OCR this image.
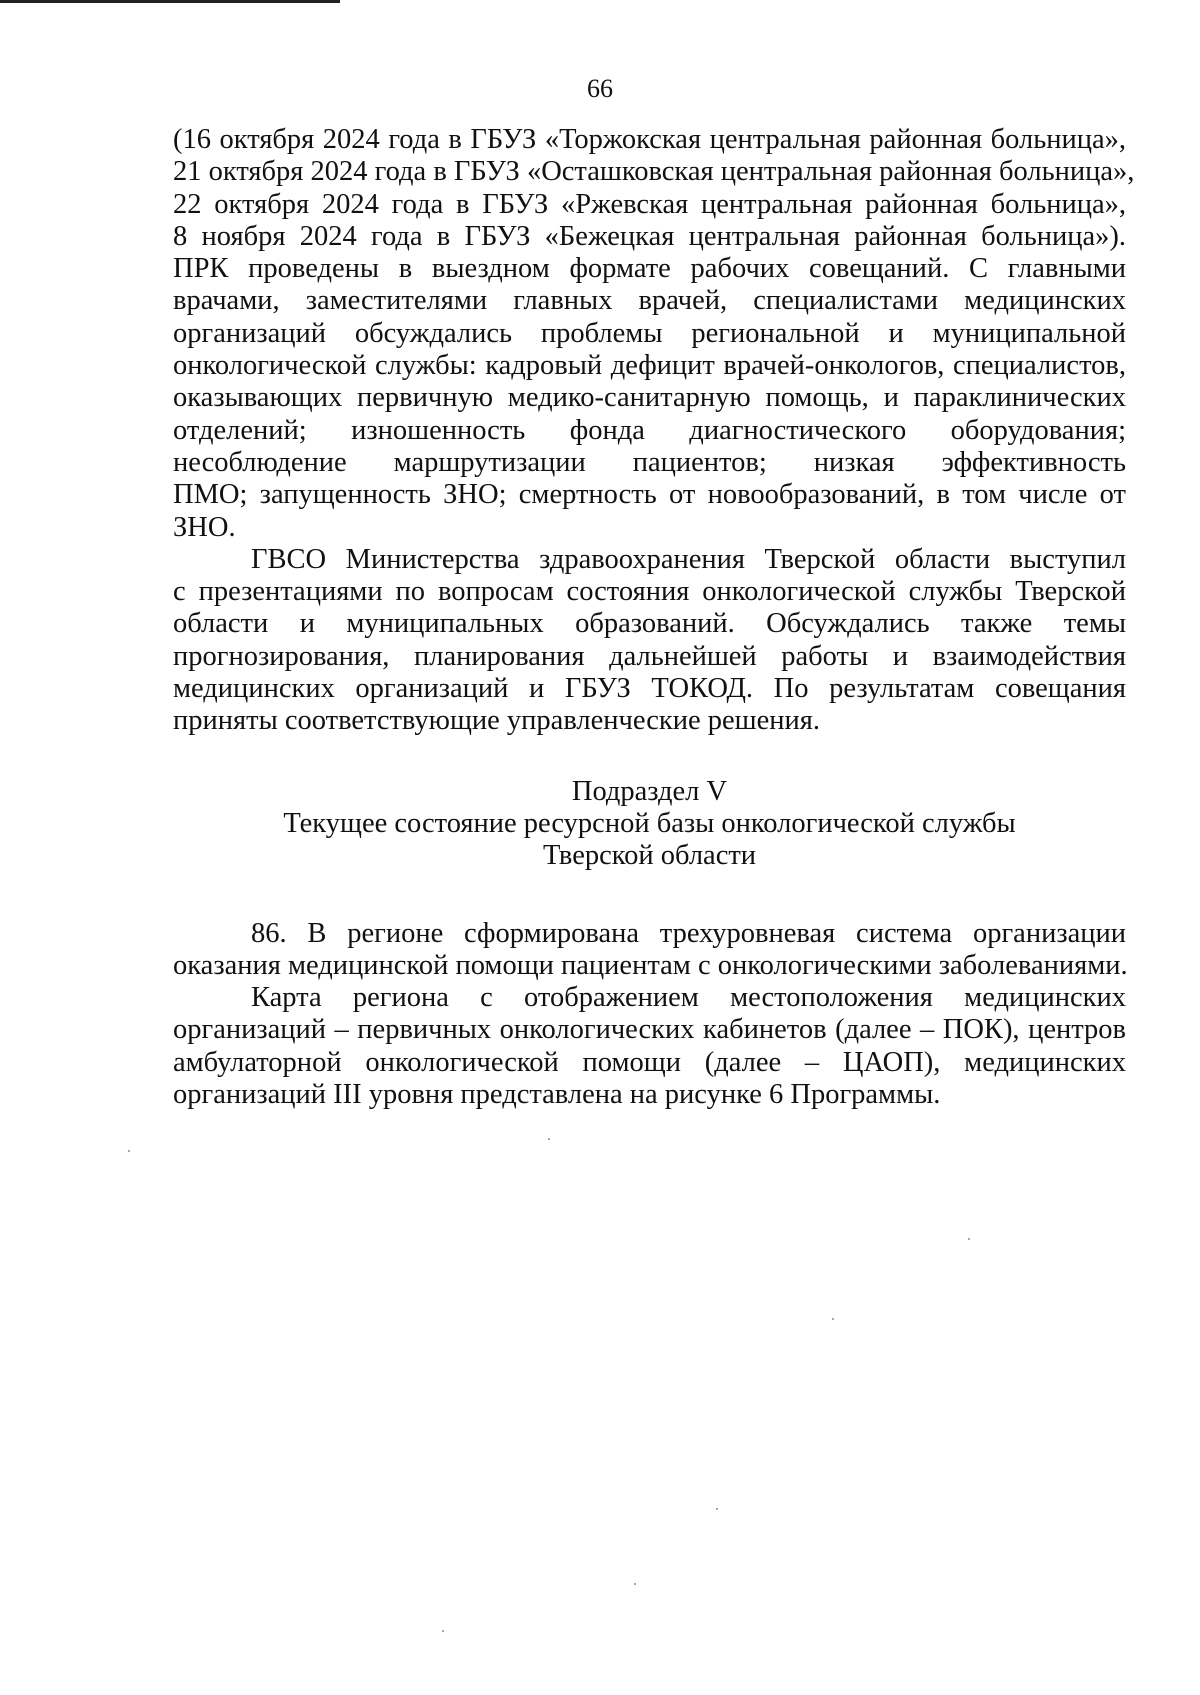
66

(16 октября 2024 года в ГБУЗ «Торжокская центральная районная больница»,
21 октября 2024 года в ГБУЗ «Осташковская центральная районная больница»,
22 октября 2024 года в ГБУЗ «Ржевская центральная районная больница»,
8 ноября 2024 года в ГБУЗ «Бежецкая центральная районная больница»).
ПРК проведены в выездном формате рабочих совещаний. С главными
врачами, заместителями главных врачей, специалистами медицинских
организаций обсуждались проблемы региональной и муниципальной
онкологической службы: кадровый дефицит врачей-онкологов, специалистов,
оказывающих первичную медико-санитарную помощь, и параклинических
отделений; изношенность фонда диагностического оборудования;
несоблюдение маршрутизации пациентов; низкая эффективность
ПМО; запущенность ЗНО; смертность от новообразований, в том числе от
ЗНО.

ГВСО Министерства здравоохранения Тверской области выступил
с презентациями по вопросам состояния онкологической службы Тверской
области и муниципальных образований. Обсуждались также темы
прогнозирования, планирования дальнейшей работы и взаимодействия
медицинских организаций и ГБУЗ ТОКОД. По результатам совещания
приняты соответствующие управленческие решения.

Подраздел V
Текущее состояние ресурсной базы онкологической службы
Тверской области

86. В регионе сформирована трехуровневая система организации
оказания медицинской помощи пациентам с онкологическими заболеваниями.

Карта региона с отображением местоположения медицинских
организаций – первичных онкологических кабинетов (далее – ПОК), центров
амбулаторной онкологической помощи (далее – ЦАОП), медицинских
организаций III уровня представлена на рисунке 6 Программы.
